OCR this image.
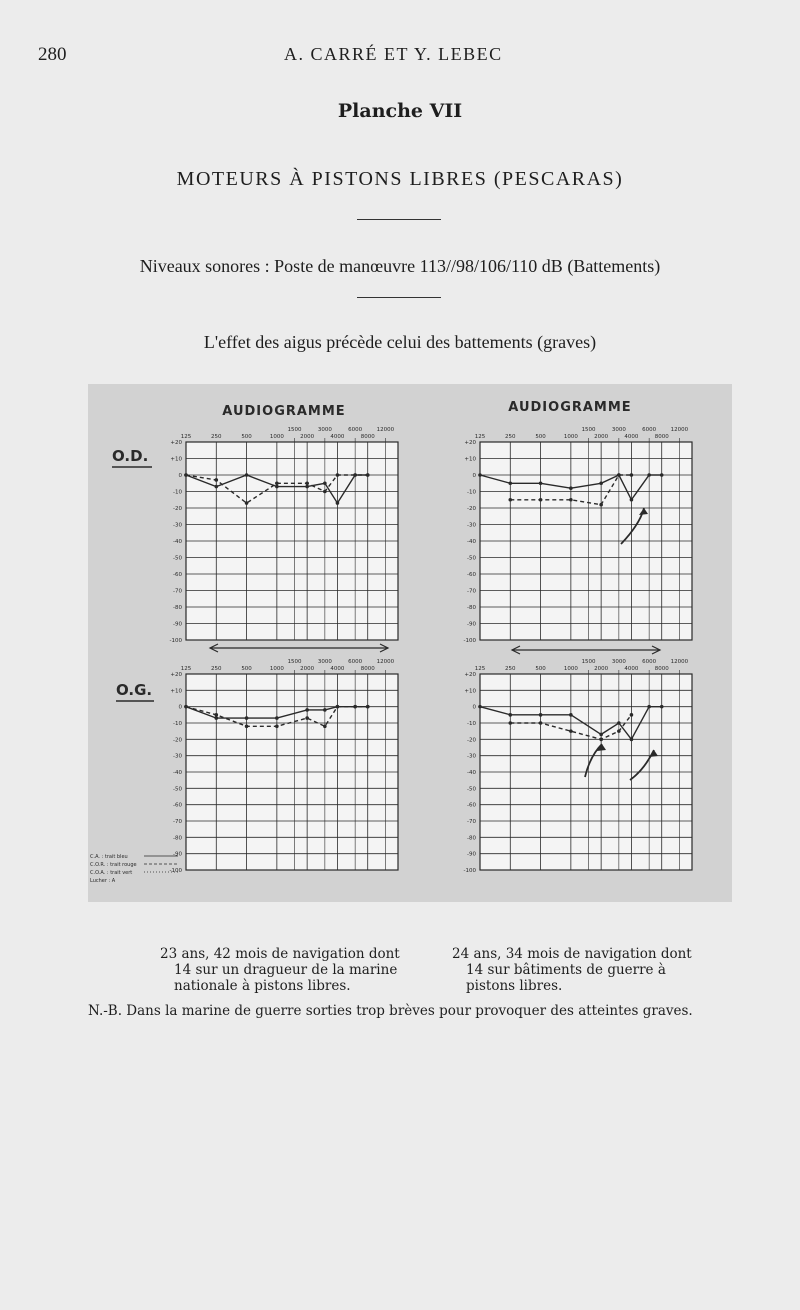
280	A. CARRÉ ET Y. LEBEC
Planche VII
MOTEURS À PISTONS LIBRES (PESCARAS)
Niveaux sonores : Poste de manœuvre 113//98/106/110 dB (Battements)
L'effet des aigus précède celui des battements (graves)
AUDIOGRAMME	AUDIOGRAMME
O.D.
O.G.
125	250	500	1000	2000	4000	8000
1500	3000	6000	12000
+20
+10
0
-10
-20
-30
-40
-50
-60
-70
-80
-90
-100
125	250	500	1000	2000	4000	8000
1500	3000	6000	12000
+20
+10
0
-10
-20
-30
-40
-50
-60
-70
-80
-90
-100
125	250	500	1000	2000	4000	8000
1500	3000	6000	12000
+20
+10
0
-10
-20
-30
-40
-50
-60
-70
-80
-90
-100
125	250	500	1000	2000	4000	8000
1500	3000	6000	12000
+20
+10
0
-10
-20
-30
-40
-50
-60
-70
-80
-90
-100
C.A. : trait bleu
C.O.R. : trait rouge
C.O.A. : trait vert
Lucher : A
23 ans, 42 mois de navigation dont
14 sur un dragueur de la marine nationale à pistons libres.
24 ans, 34 mois de navigation dont
14 sur bâtiments de guerre à pistons libres.
N.-B. Dans la marine de guerre sorties trop brèves pour provoquer des atteintes graves.
